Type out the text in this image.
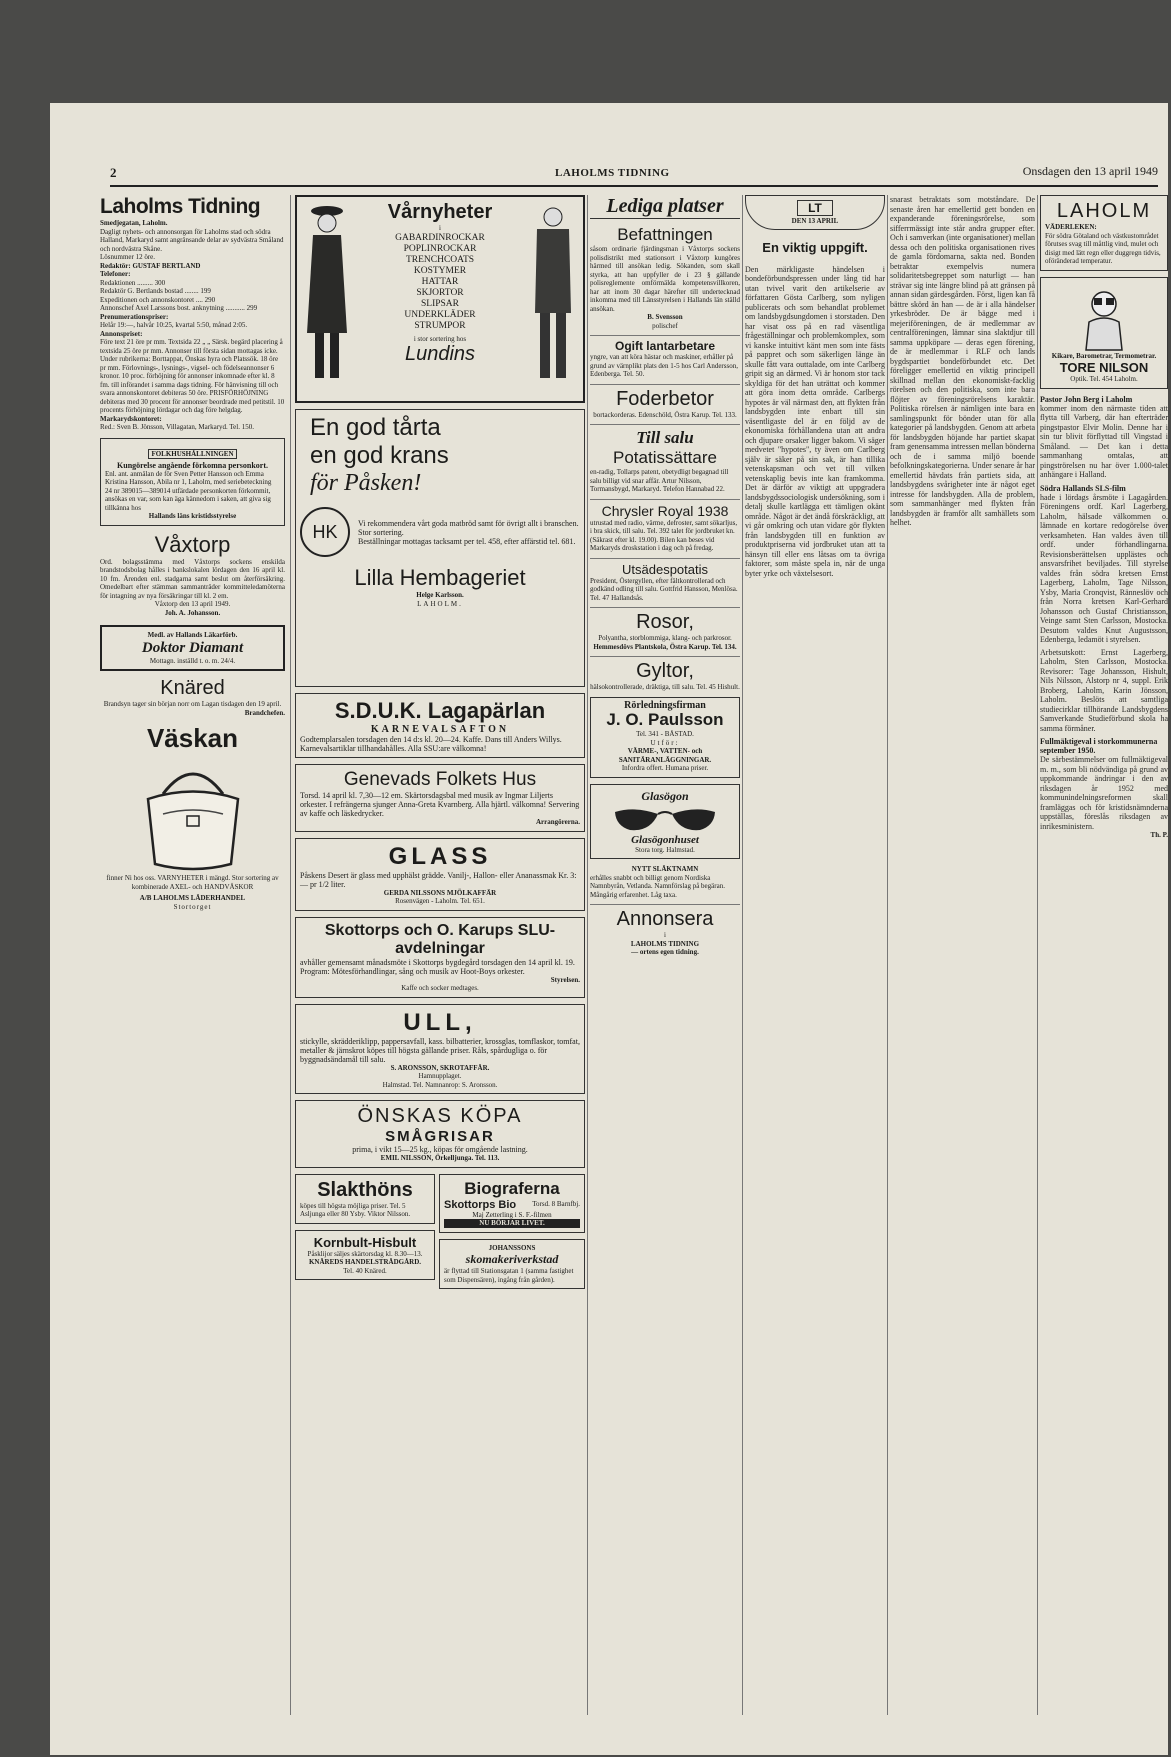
2	LAHOLMS TIDNING	Onsdagen den 13 april 1949
Laholms Tidning
Smedjegatan, Laholm.
Dagligt nyhets- och annonsorgan för Laholms stad och södra Halland, Markaryd samt angränsande delar av sydvästra Småland och nordvästra Skåne.
Lösnummer 12 öre.
Redaktör: GUSTAF BERTLAND
Telefoner:
Redaktionen ......... 300
Redaktör G. Bertlands bostad ........ 199
Expeditionen och annonskontoret .... 290
Annonschef Axel Larssons bost. anknytning ........... 299
Prenumerationspriser:
Helår 19:—, halvår 10:25, kvartal 5:50, månad 2:05.
Annonspriset:
Före text 21 öre pr mm. Textsida 22 „ „ Särsk. begärd placering å textsida 25 öre pr mm. Annonser till första sidan mottagas icke. Under rubrikerna: Borttappat, Önskas hyra och Platssök. 18 öre pr mm. Förlovnings-, lysnings-, vigsel- och födelseannonser 6 kronor. 10 proc. förhöjning för annonser inkomnade efter kl. 8 fm. till införandet i samma dags tidning. För hänvisning till och svara annonskontoret debiteras 50 öre. PRISFÖRHÖJNING debiteras med 30 procent för annonser beordrade med petitstil. 10 procents förhöjning lördagar och dag före helgdag.
Markarydskontoret:
Red.: Sven B. Jönsson, Villagatan, Markaryd. Tel. 150.
FOLKHUSHÅLLNINGEN
Kungörelse angående förkomna personkort.
Enl. ant. anmälan de för Sven Petter Hansson och Emma Kristina Hansson, Abila nr 1, Laholm, med seriebeteckning 24 nr 389015—389014 utfärdade personkorten förkommit, ansökas en var, som kan äga kännedom i saken, att giva sig tillkänna hos
Hallands läns kristidsstyrelse
Våxtorp
Ord. bolagsstämma med Våxtorps sockens enskilda brandstodsbolag hålles i bankslokalen lördagen den 16 april kl. 10 fm. Ärenden enl. stadgarna samt beslut om återförsäkring. Omedelbart efter stämman sammanträder kommitteledamöterna för intagning av nya försäkringar till kl. 2 em.
Våxtorp den 13 april 1949.
Joh. A. Johansson.
Medl. av Hallands Läkarförb.
Doktor Diamant
Mottagn. inställd t. o. m. 24/4.
Knäred
Brandsyn tager sin början norr om Lagan tisdagen den 19 april.
Brandchefen.
Väskan
finner Ni hos oss. VARNYHETER i mängd. Stor sortering av kombinerade AXEL- och HANDVÄSKOR
A/B LAHOLMS LÄDERHANDEL
Stortorget
Vårnyheter
i
GABARDINROCKAR
POPLINROCKAR
TRENCHCOATS
KOSTYMER
HATTAR
SKJORTOR
SLIPSAR
UNDERKLÄDER
STRUMPOR
i stor sortering hos
Lundins
En god tårta
en god krans
för Påsken!
HK	Vi rekommendera vårt goda matbröd samt för övrigt allt i branschen.
Stor sortering.
Beställningar mottagas tacksamt per tel. 458, efter affärstid tel. 681.
Lilla Hembageriet
Helge Karlsson.
LAHOLM.
S.D.U.K. Lagapärlan
KARNEVALSAFTON
Godtemplarsalen torsdagen den 14 d:s kl. 20—24. Kaffe. Dans till Anders Willys. Karnevalsartiklar tillhandahålles. Alla SSU:are välkomna!
Genevads Folkets Hus
Torsd. 14 april kl. 7,30—12 em. Skärtorsdagsbal med musik av Ingmar Liljerts orkester. I refrängerna sjunger Anna-Greta Kvarnberg. Alla hjärtl. välkomna! Servering av kaffe och läskedrycker.
Arrangörerna.
GLASS
Påskens Desert är glass med upphälst grädde. Vanilj-, Hallon- eller Ananassmak Kr. 3:— pr 1/2 liter.
GERDA NILSSONS MJÖLKAFFÄR
Rosenvägen - Laholm. Tel. 651.
Skottorps och O. Karups SLU-avdelningar
avhåller gemensamt månadsmöte i Skottorps bygdegård torsdagen den 14 april kl. 19. Program: Mötesförhandlingar, sång och musik av Hoot-Boys orkester.
Styrelsen.
Kaffe och socker medtages.
ULL,
stickylle, skrädderiklipp, pappersavfall, kass. bilbatterier, krossglas, tomflaskor, tomfat, metaller & järnskrot köpes till högsta gällande priser. Råls, spårdugliga o. för byggnadsändamål till salu.
S. ARONSSON, SKROTAFFÄR.
Hamnupplaget.
Halmstad. Tel. Namnanrop: S. Aronsson.
ÖNSKAS KÖPA
SMÅGRISAR
prima, i vikt 15—25 kg., köpas för omgående lastning.
EMIL NILSSON, Örkelljunga. Tel. 113.
Slakthöns
köpes till högsta möjliga priser. Tel. 5 Asljunga eller 80 Ysby. Viktor Nilsson.
Kornbult-Hisbult
Påsklijor säljes skärtorsdag kl. 8.30—13.
KNÄREDS HANDELSTRÄDGÅRD.
Tel. 40 Knäred.
Biograferna
Skottorps Bio Torsd. 8 Barnfbj.
Maj Zetterling i S. F.-filmen
NU BÖRJAR LIVET.
JOHANSSONS
skomakeriverkstad
är flyttad till Stationsgatan 1 (samma fastighet som Dispensären), ingång från gården).
Lediga platser
Befattningen
såsom ordinarie fjärdingsman i Våxtorps sockens polisdistrikt med stationsort i Våxtorp kungöres härmed till ansökan ledig. Sökanden, som skall styrka, att han uppfyller de i 23 § gällande polisreglemente omförmälda kompetensvillkoren, har att inom 30 dagar härefter till undertecknad inkomma med till Länsstyrelsen i Hallands län ställd ansökan.
B. Svensson
polischef
Ogift lantarbetare
yngre, van att köra hästar och maskiner, erhåller på grund av värnplikt plats den 1-5 hos Carl Andersson, Edenberga. Tel. 50.
Foderbetor
bortackorderas. Edenschöld, Östra Karup. Tel. 133.
Till salu
Potatissättare
en-radig, Tollarps patent, obetydligt begagnad till salu billigt vid snar affär. Artur Nilsson, Tormansbygd, Markaryd. Telefon Hannabad 22.
Chrysler Royal 1938
utrustad med radio, värme, defroster, samt sökarljus, i bra skick, till salu. Tel. 392 talet för jordbruket kn. (Säkrast efter kl. 19.00). Bilen kan beses vid Markaryds droskstation i dag och på fredag.
Utsädespotatis
President, Östergyllen, efter fältkontrollerad och godkänd odling till salu. Gottfrid Hansson, Menlösa. Tel. 47 Hallandsås.
Rosor,
Polyantha, storblommiga, klang- och parkrosor.
Hemmesdövs Plantskola, Östra Karup. Tel. 134.
Gyltor,
hälsokontrollerade, dräktiga, till salu. Tel. 45 Hishult.
Rörledningsfirman
J. O. Paulsson
Tel. 341 - BÅSTAD.
Utför:
VÄRME-, VATTEN- och SANITÄRANLÄGGNINGAR.
Infordra offert. Humana priser.
Glasögon
Glasögonhuset
Stora torg. Halmstad.
NYTT SLÄKTNAMN
erhålles snabbt och billigt genom Nordiska Namnbyrån, Vetlanda. Namnförslag på begäran. Mångårig erfarenhet. Låg taxa.
Annonsera
i
LAHOLMS TIDNING
— ortens egen tidning.
LT
DEN 13 APRIL
En viktig uppgift.
Den märkligaste händelsen i bondeförbundspressen under lång tid har utan tvivel varit den artikelserie av författaren Gösta Carlberg, som nyligen publicerats och som behandlat problemet om landsbygdsungdomen i storstaden. Den har visat oss på en rad väsentliga frågeställningar och problemkomplex, som vi kanske intuitivt känt men som inte fästs på pappret och som säkerligen länge än skulle fått vara outtalade, om inte Carlberg gripit sig an därmed. Vi är honom stor tack skyldiga för det han uträttat och kommer att göra inom detta område. Carlbergs hypotes är väl närmast den, att flykten från landsbygden inte enbart till sin väsentligaste del är en följd av de ekonomiska förhållandena utan att andra och djupare orsaker ligger bakom. Vi säger medvetet "hypotes", ty även om Carlberg själv är säker på sin sak, är han tillika vetenskapsman och vet till vilken vetenskaplig bevis inte kan framkomma. Det är därför av viktigt att uppgradera landsbygdssociologisk undersökning, som i detalj skulle kartlägga ett tämligen okänt område. Något är det ändå förskräckligt, att vi går omkring och utan vidare gör flykten från landsbygden till en funktion av produktpriserna vid jordbruket utan att ta hänsyn till eller ens låtsas om ta övriga faktorer, som måste spela in, när de unga byter yrke och växtelsesort.
snarast betraktats som motståndare. De senaste åren har emellertid gett bonden en expanderande föreningsrörelse, som sifferrmässigt inte står andra grupper efter. Och i samverkan (inte organisationer) mellan dessa och den politiska organisationen rives de gamla fördomarna, sakta ned. Bonden betraktar exempelvis numera solidaritetsbegreppet som naturligt — han strävar sig inte längre blind på att gränsen på annan sidan gärdesgården. Först, ligen kan få bättre skörd än han — de är i alla händelser yrkesbröder. De är bägge med i mejeriföreningen, de är medlemmar av centralföreningen, lämnar sina slaktdjur till samma uppköpare — deras egen förening, de är medlemmar i RLF och lands bygdspartiet bondeförbundet etc. Det föreligger emellertid en viktig principell skillnad mellan den ekonomiskt-facklig rörelsen och den politiska, som inte bara flöjter av föreningsrörelsens karaktär. Politiska rörelsen är nämligen inte bara en samlingspunkt för bönder utan för alla kategorier på landsbygden. Genom att arbeta för landsbygden höjande har partiet skapat fram genensamma intressen mellan bönderna och de i samma miljö boende befolkningskategorierna. Under senare år har emellertid hävdats från partiets sida, att landsbygdens svårigheter inte är något eget intresse för landsbygden. Alla de problem, som sammanhänger med flykten från landsbygden är framför allt samhällets som helhet.
LAHOLM
VÄDERLEKEN:
För södra Götaland och västkustområdet förutses svag till måttlig vind, mulet och disigt med lätt regn eller duggregn tidvis, oföränderad temperatur.
Kikare, Barometrar, Termometrar.
TORE NILSON
Optik. Tel. 454 Laholm.
Pastor John Berg i Laholm
kommer inom den närmaste tiden att flytta till Varberg, där han efterträder pingstpastor Elvir Molin. Denne har i sin tur blivit förflyttad till Vingstad i Småland. — Det kan i detta sammanhang omtalas, att pingströrelsen nu har över 1.000-talet anhängare i Halland.
Södra Hallands SLS-film
hade i lördags årsmöte i Lagagården. Föreningens ordf. Karl Lagerberg, Laholm, hälsade välkommen o. lämnade en kortare redogörelse över verksamheten. Han valdes även till ordf. under förhandlingarna. Revisionsberättelsen upplästes och ansvarsfrihet beviljades. Till styrelse valdes från södra kretsen Ernst Lagerberg, Laholm, Tage Nilsson, Ysby, Maria Cronqvist, Ränneslöv och från Norra kretsen Karl-Gerhard Johansson och Gustaf Christiansson, Veinge samt Sten Carlsson, Mostocka. Desutom valdes Knut Augustsson, Edenberga, ledamöt i styrelsen.
Arbetsutskott: Ernst Lagerberg, Laholm, Sten Carlsson, Mostocka. Revisorer: Tage Johansson, Hishult, Nils Nilsson, Alstorp nr 4, suppl. Erik Broberg, Laholm, Karin Jönsson, Laholm. Beslöts att samtliga studiecirklar tillhörande Landsbygdens Samverkande Studieförbund skola ha samma förmåner.
Fullmäktigeval i storkommunerna september 1950.
De särbestämmelser om fullmäktigeval m. m., som bli nödvändiga på grund av uppkommande ändringar i den av riksdagen år 1952 med kommunindelningsreformen skall framläggas och för kristidsnämnderna uppställas, föreslås riksdagen av inrikesministern.
Th. P.
